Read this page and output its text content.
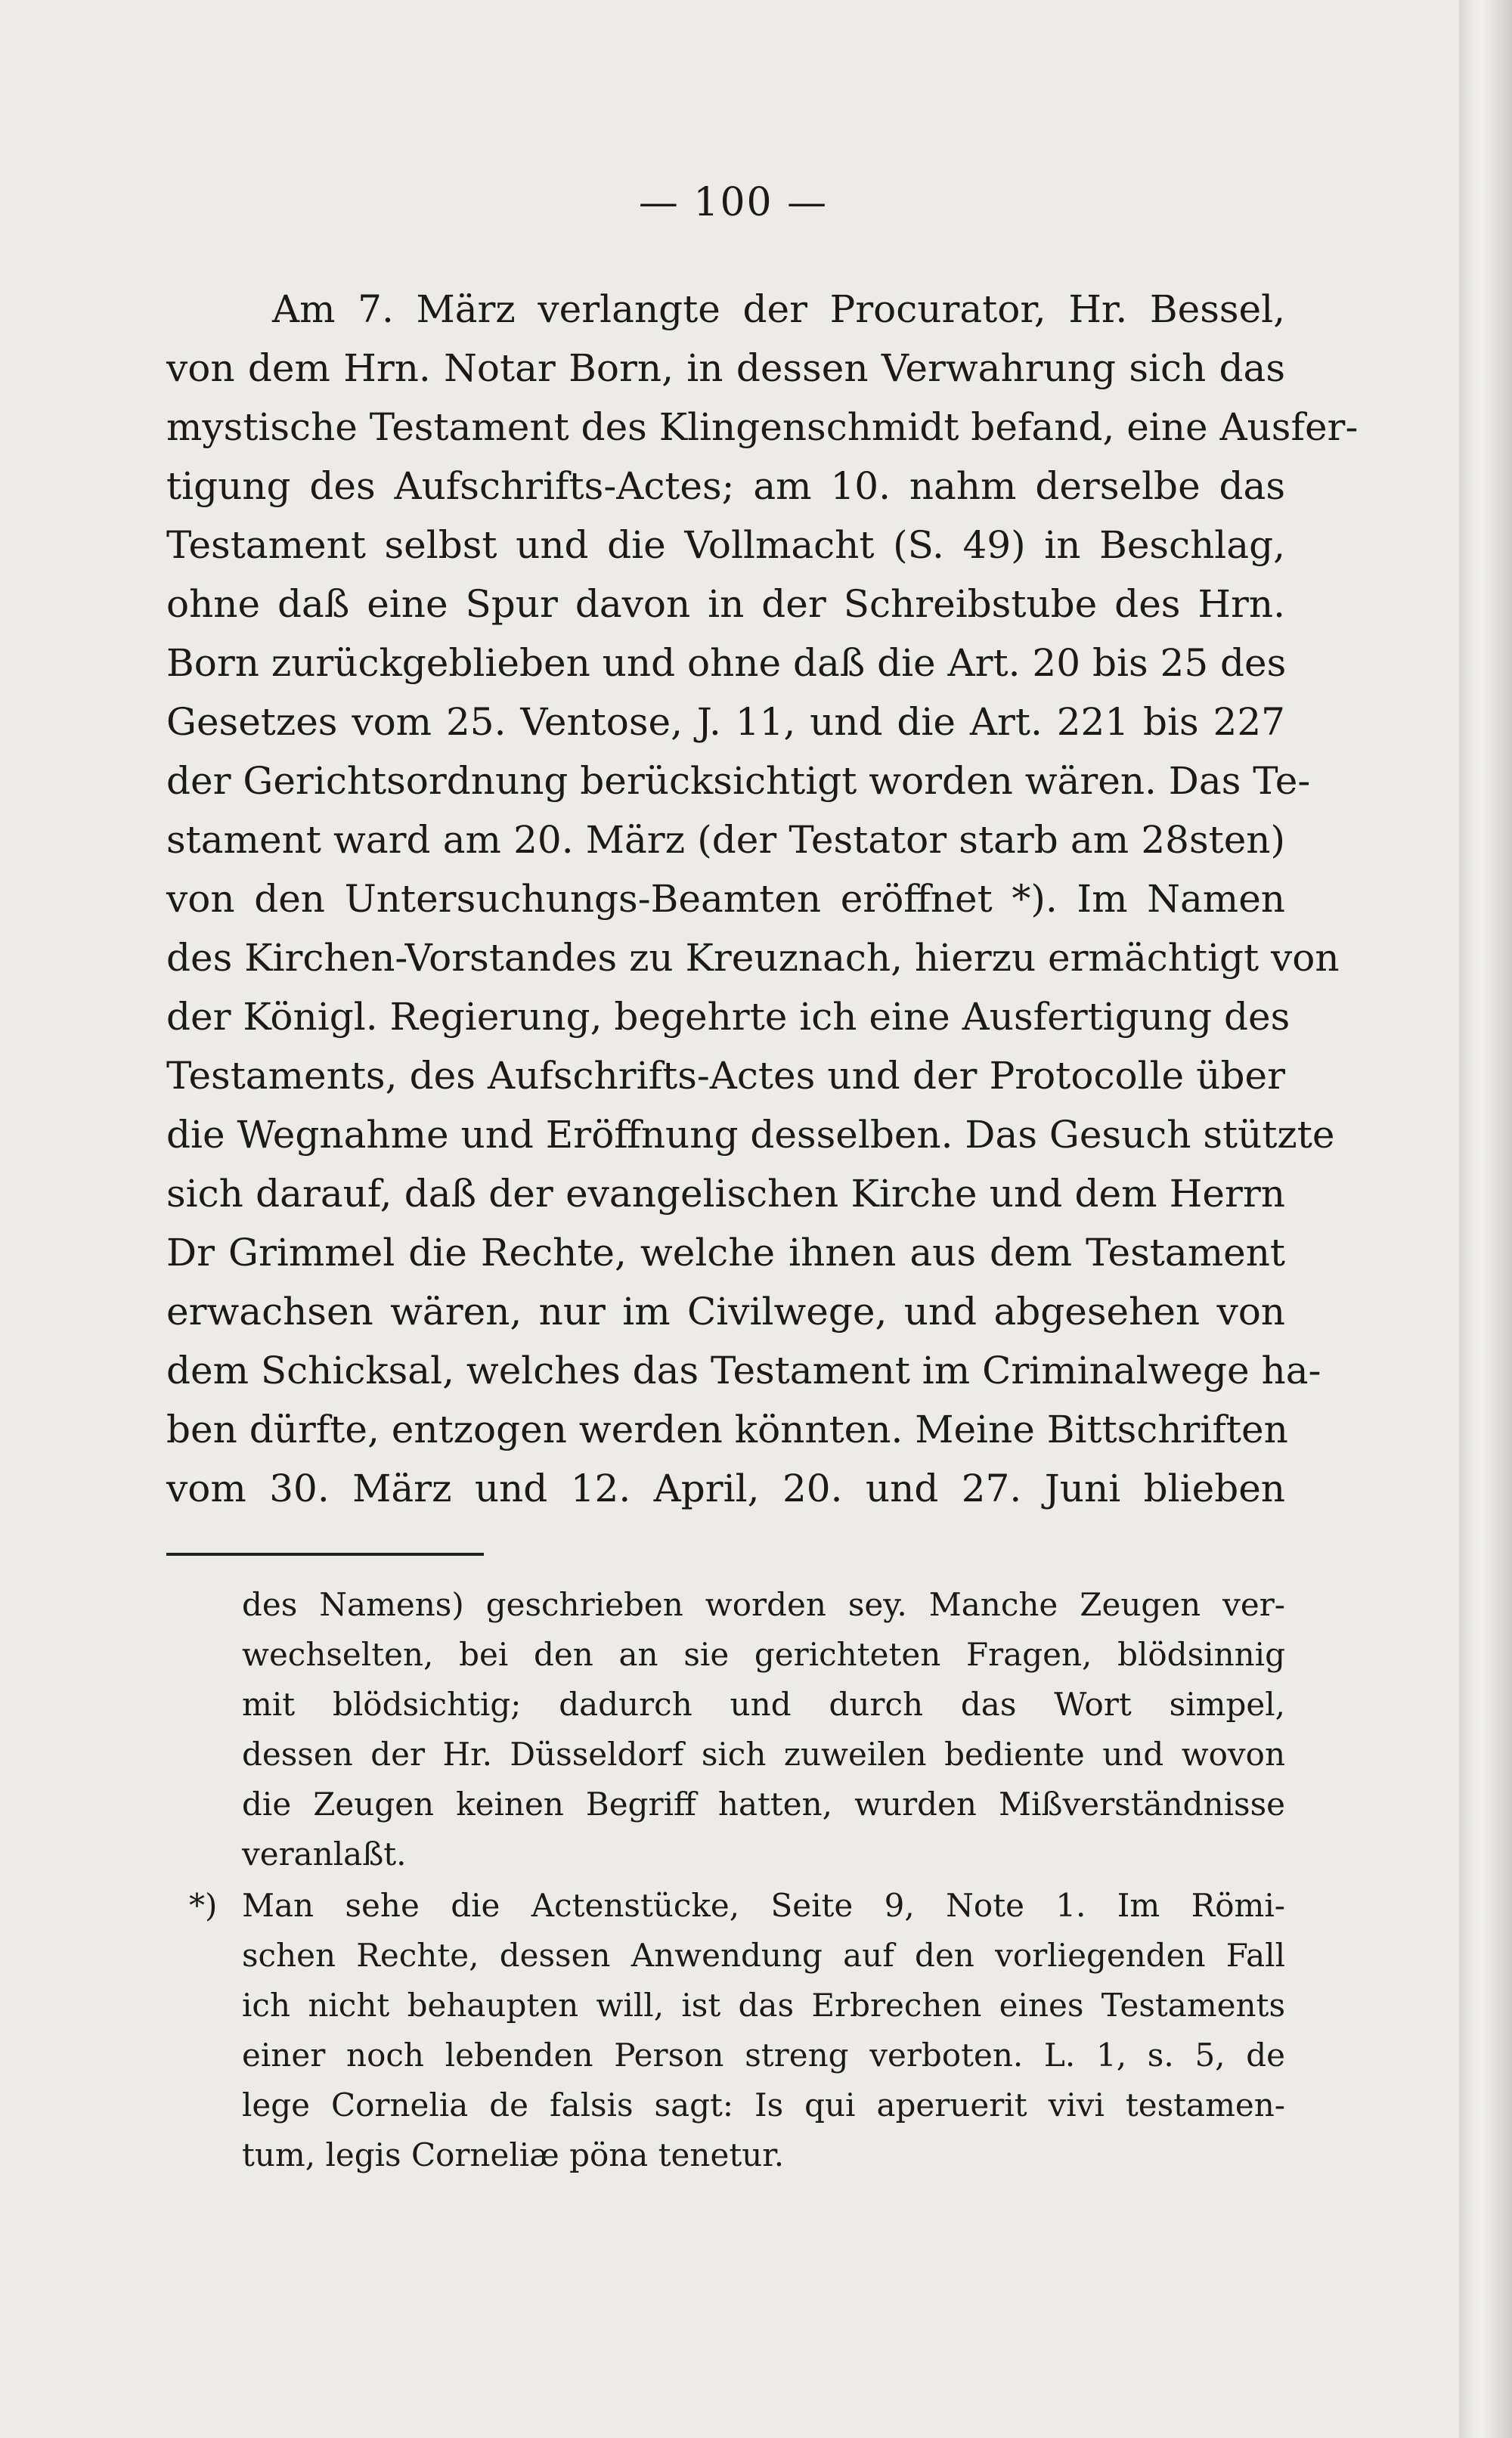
— 100 —
Am 7. März verlangte der Procurator, Hr. Bessel,
von dem Hrn. Notar Born, in dessen Verwahrung sich das
mystische Testament des Klingenschmidt befand, eine Ausfer-
tigung des Aufschrifts-Actes; am 10. nahm derselbe das
Testament selbst und die Vollmacht (S. 49) in Beschlag,
ohne daß eine Spur davon in der Schreibstube des Hrn.
Born zurückgeblieben und ohne daß die Art. 20 bis 25 des
Gesetzes vom 25. Ventose, J. 11, und die Art. 221 bis 227
der Gerichtsordnung berücksichtigt worden wären. Das Te-
stament ward am 20. März (der Testator starb am 28sten)
von den Untersuchungs-Beamten eröffnet *). Im Namen
des Kirchen-Vorstandes zu Kreuznach, hierzu ermächtigt von
der Königl. Regierung, begehrte ich eine Ausfertigung des
Testaments, des Aufschrifts-Actes und der Protocolle über
die Wegnahme und Eröffnung desselben. Das Gesuch stützte
sich darauf, daß der evangelischen Kirche und dem Herrn
Dr Grimmel die Rechte, welche ihnen aus dem Testament
erwachsen wären, nur im Civilwege, und abgesehen von
dem Schicksal, welches das Testament im Criminalwege ha-
ben dürfte, entzogen werden könnten. Meine Bittschriften
vom 30. März und 12. April, 20. und 27. Juni blieben
des Namens) geschrieben worden sey. Manche Zeugen ver-
wechselten, bei den an sie gerichteten Fragen, blödsinnig
mit blödsichtig; dadurch und durch das Wort simpel,
dessen der Hr. Düsseldorf sich zuweilen bediente und wovon
die Zeugen keinen Begriff hatten, wurden Mißverständnisse
veranlaßt.
*) Man sehe die Actenstücke, Seite 9, Note 1. Im Römi-
schen Rechte, dessen Anwendung auf den vorliegenden Fall
ich nicht behaupten will, ist das Erbrechen eines Testaments
einer noch lebenden Person streng verboten. L. 1, s. 5, de
lege Cornelia de falsis sagt: Is qui aperuerit vivi testamen-
tum, legis Corneliæ pöna tenetur.
